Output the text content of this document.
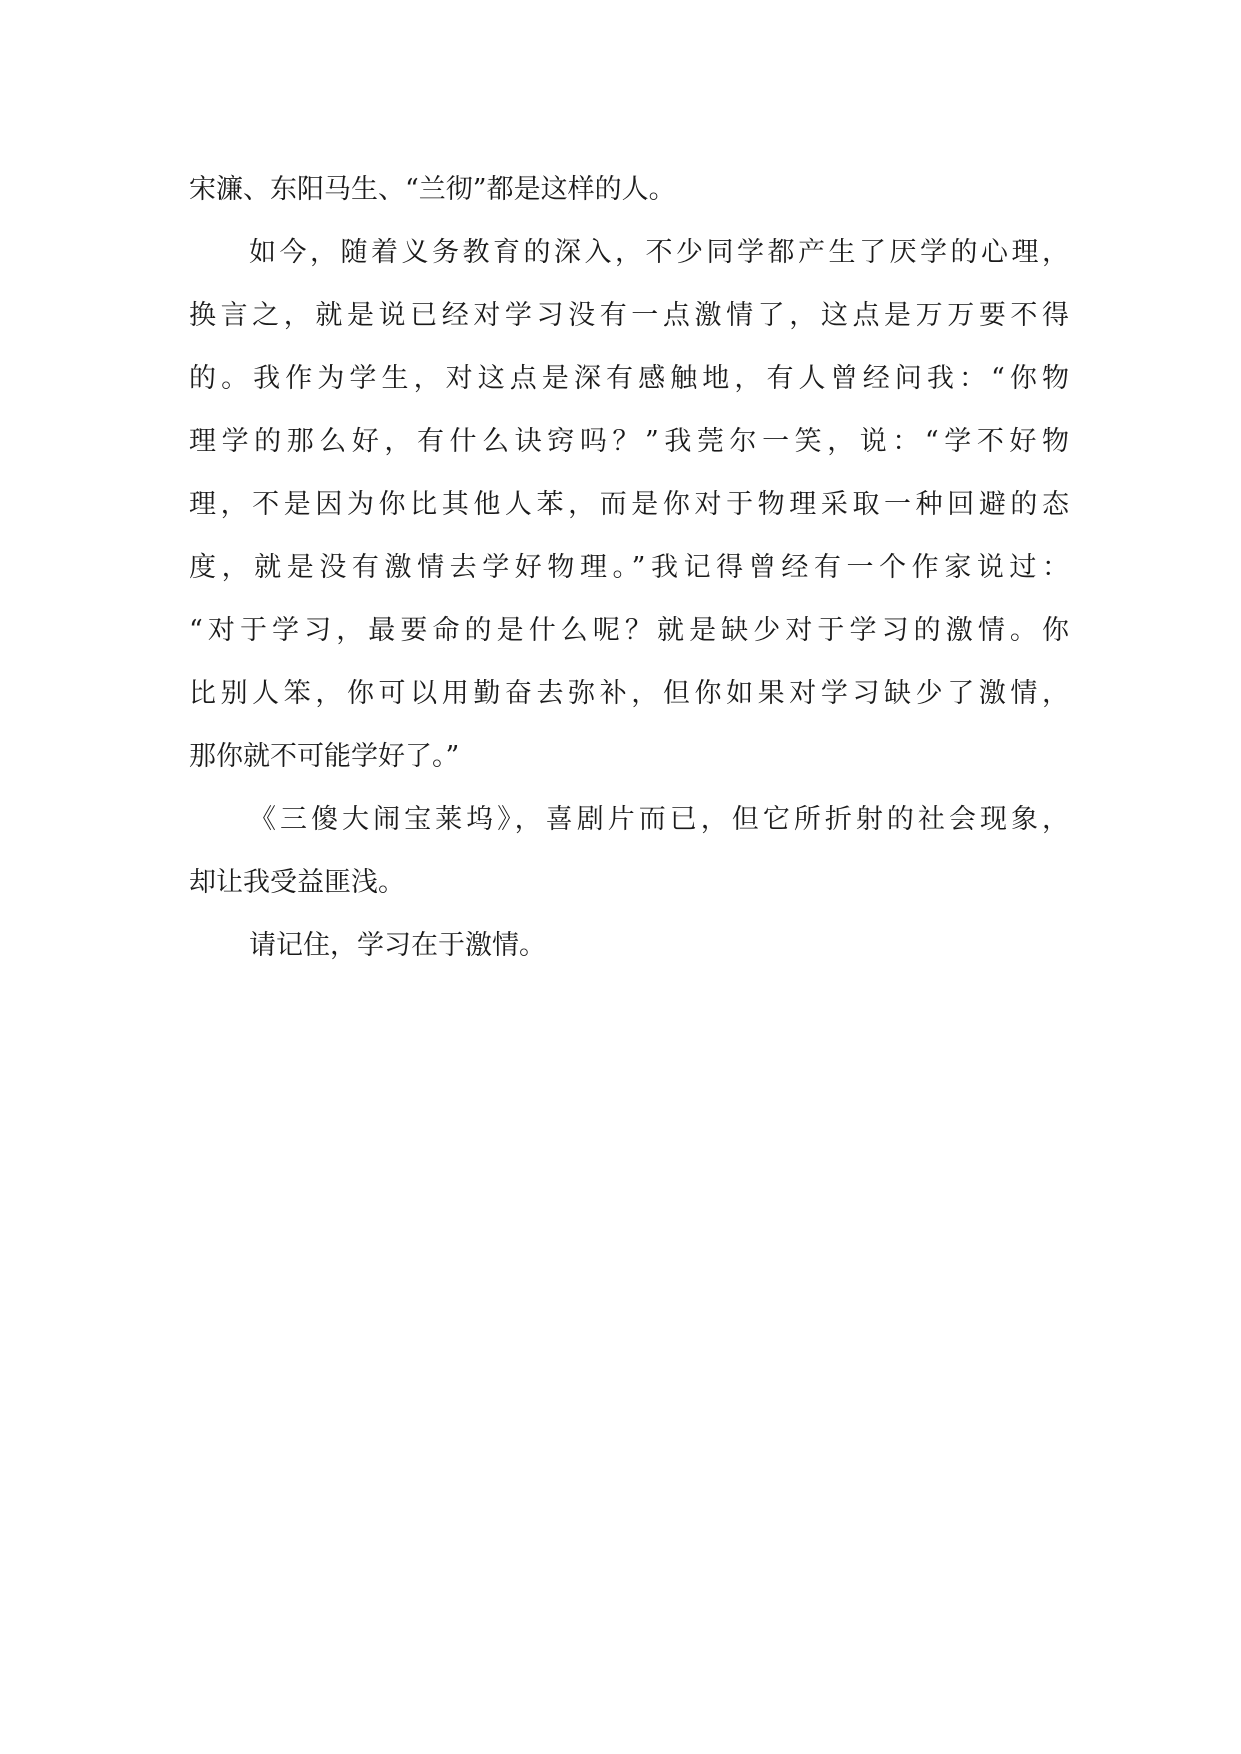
宋濂、东阳马生、“兰彻”都是这样的人。
如今，随着义务教育的深入，不少同学都产生了厌学的心理，
换言之，就是说已经对学习没有一点激情了，这点是万万要不得
的。我作为学生，对这点是深有感触地，有人曾经问我：“你物
理学的那么好，有什么诀窍吗？”我莞尔一笑，说：“学不好物
理，不是因为你比其他人苯，而是你对于物理采取一种回避的态
度，就是没有激情去学好物理。”我记得曾经有一个作家说过：
“对于学习，最要命的是什么呢？就是缺少对于学习的激情。你
比别人笨，你可以用勤奋去弥补，但你如果对学习缺少了激情，
那你就不可能学好了。”
《三傻大闹宝莱坞》，喜剧片而已，但它所折射的社会现象，
却让我受益匪浅。
请记住，学习在于激情。
